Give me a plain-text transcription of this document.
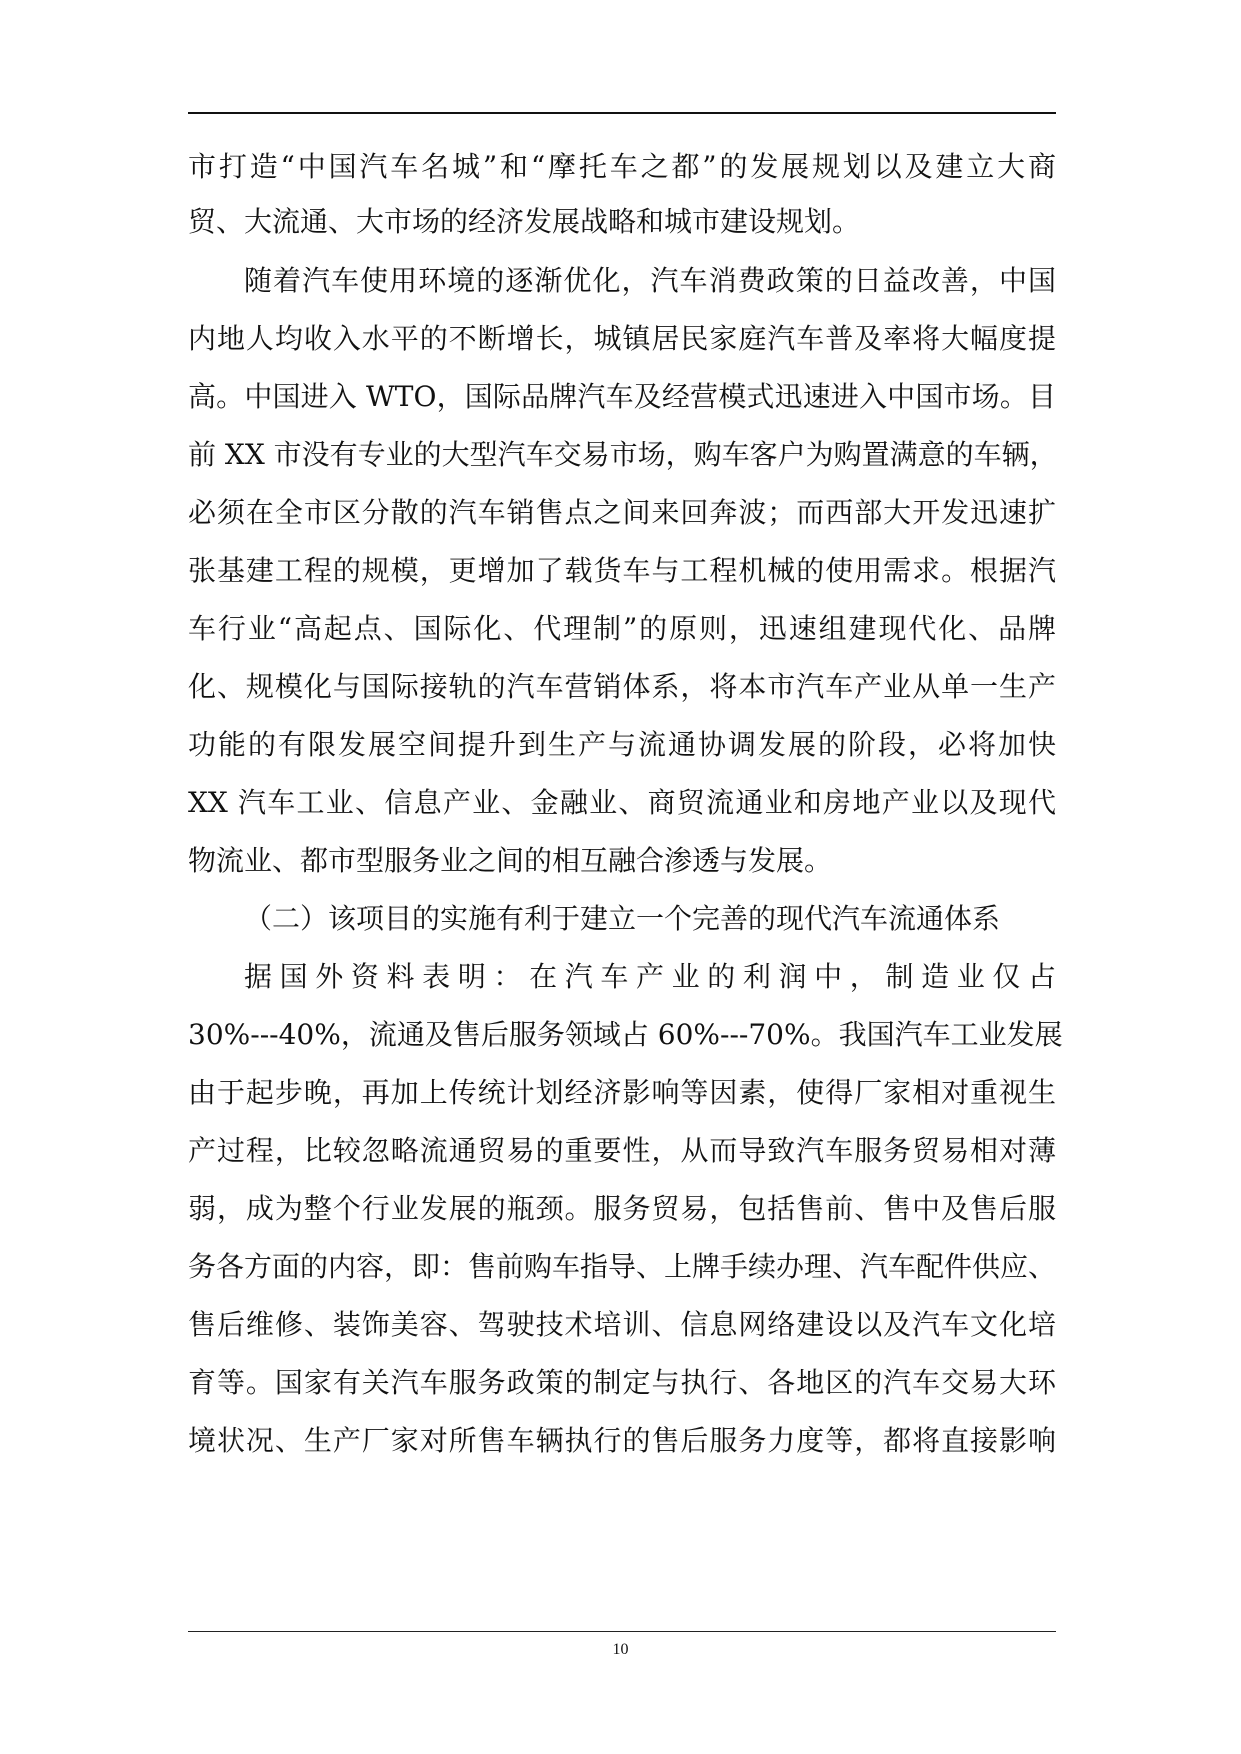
市打造“中国汽车名城”和“摩托车之都”的发展规划以及建立大商
贸、大流通、大市场的经济发展战略和城市建设规划。
随着汽车使用环境的逐渐优化，汽车消费政策的日益改善，中国
内地人均收入水平的不断增长，城镇居民家庭汽车普及率将大幅度提
高。中国进入 WTO，国际品牌汽车及经营模式迅速进入中国市场。目
前 XX 市没有专业的大型汽车交易市场，购车客户为购置满意的车辆，
必须在全市区分散的汽车销售点之间来回奔波；而西部大开发迅速扩
张基建工程的规模，更增加了载货车与工程机械的使用需求。根据汽
车行业“高起点、国际化、代理制”的原则，迅速组建现代化、品牌
化、规模化与国际接轨的汽车营销体系，将本市汽车产业从单一生产
功能的有限发展空间提升到生产与流通协调发展的阶段，必将加快
XX 汽车工业、信息产业、金融业、商贸流通业和房地产业以及现代
物流业、都市型服务业之间的相互融合渗透与发展。
（二）该项目的实施有利于建立一个完善的现代汽车流通体系
据国外资料表明：在汽车产业的利润中，制造业仅占
30%---40%，流通及售后服务领域占 60%---70%。我国汽车工业发展
由于起步晚，再加上传统计划经济影响等因素，使得厂家相对重视生
产过程，比较忽略流通贸易的重要性，从而导致汽车服务贸易相对薄
弱，成为整个行业发展的瓶颈。服务贸易，包括售前、售中及售后服
务各方面的内容，即：售前购车指导、上牌手续办理、汽车配件供应、
售后维修、装饰美容、驾驶技术培训、信息网络建设以及汽车文化培
育等。国家有关汽车服务政策的制定与执行、各地区的汽车交易大环
境状况、生产厂家对所售车辆执行的售后服务力度等，都将直接影响
10
